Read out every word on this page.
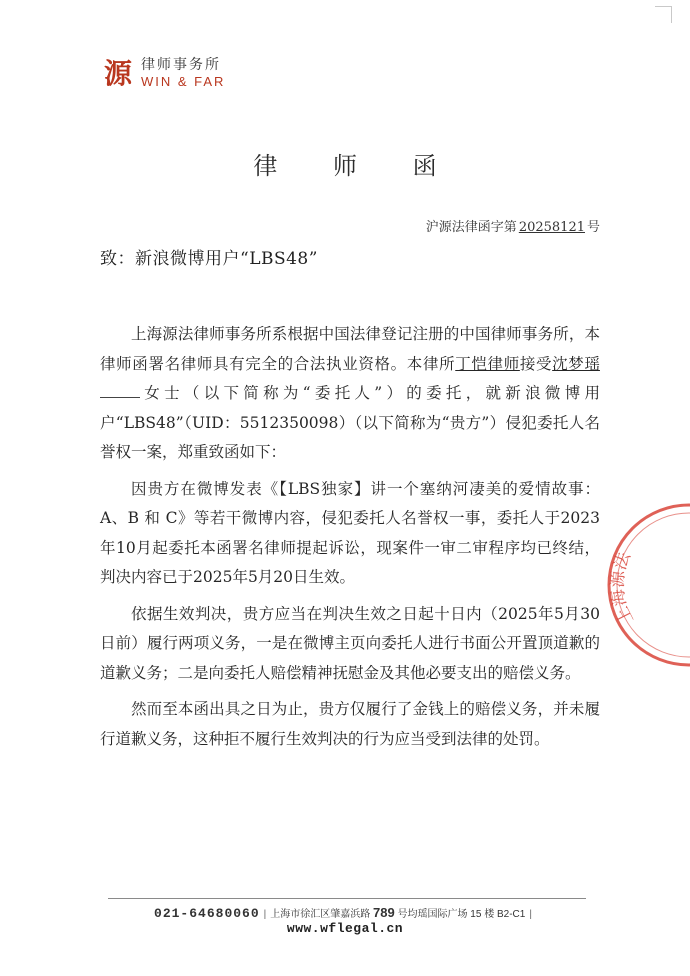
源 律师事务所
WIN & FAR
律 师 函
沪源法律函字第 20258121 号
致：新浪微博用户“LBS48”

上海源法律师事务所系根据中国法律登记注册的中国律师事务所，本律师函署名律师具有完全的合法执业资格。本律所丁恺律师接受沈梦瑶女士（以下简称为“委托人”）的委托，就新浪微博用户“LBS48”（UID：5512350098）（以下简称为“贵方”）侵犯委托人名誉权一案，郑重致函如下：

因贵方在微博发表《【LBS独家】讲一个塞纳河凄美的爱情故事：A、B 和 C》等若干微博内容，侵犯委托人名誉权一事，委托人于2023年10月起委托本函署名律师提起诉讼，现案件一审二审程序均已终结，判决内容已于2025年5月20日生效。

依据生效判决，贵方应当在判决生效之日起十日内（2025年5月30日前）履行两项义务，一是在微博主页向委托人进行书面公开置顶道歉的道歉义务；二是向委托人赔偿精神抚慰金及其他必要支出的赔偿义务。

然而至本函出具之日为止，贵方仅履行了金钱上的赔偿义务，并未履行道歉义务，这种拒不履行生效判决的行为应当受到法律的处罚。

上海源法
021-64680060 | 上海市徐汇区肇嘉浜路 789 号均瑶国际广场 15 楼 B2-C1 |
www.wflegal.cn
